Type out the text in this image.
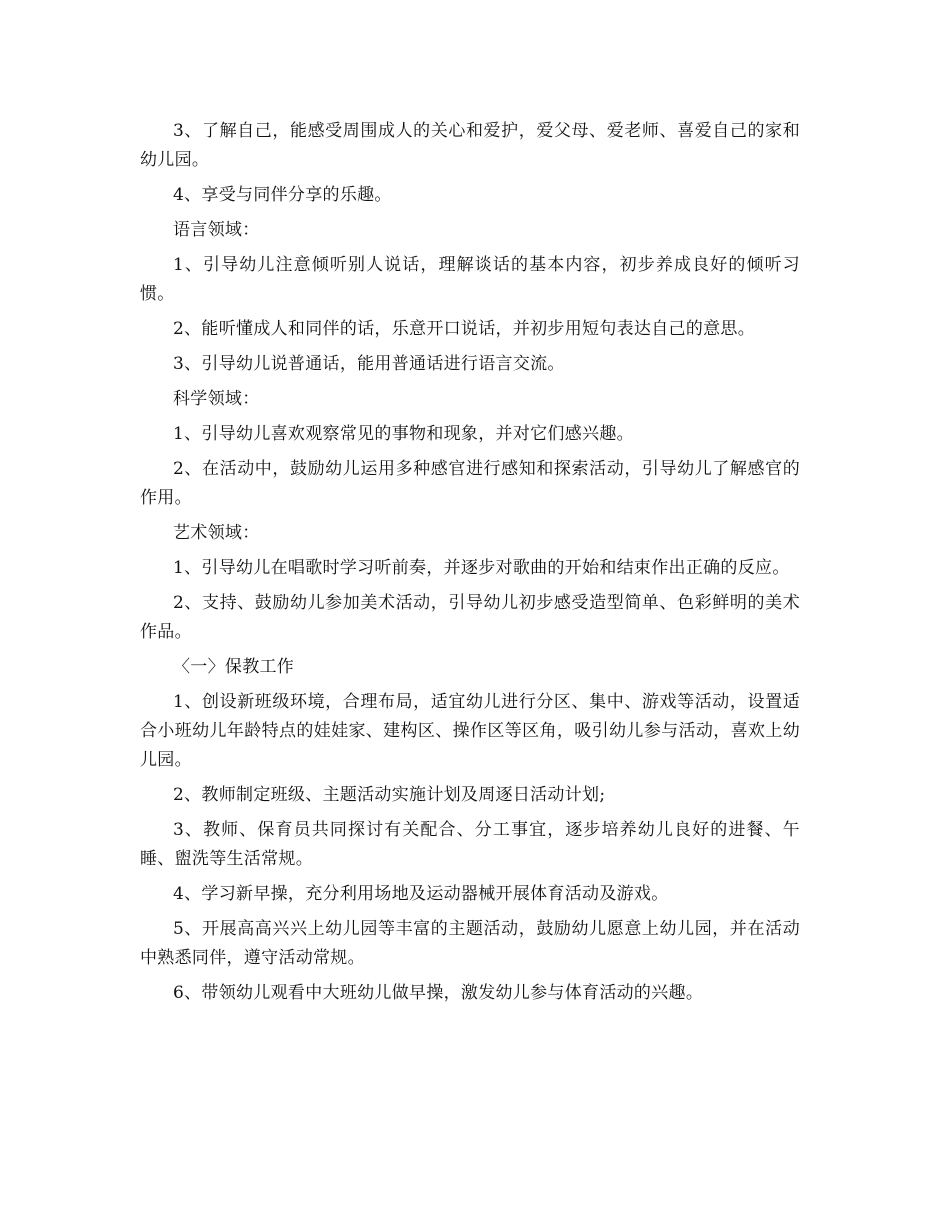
3、了解自己，能感受周围成人的关心和爱护，爱父母、爱老师、喜爱自己的家和幼儿园。

4、享受与同伴分享的乐趣。

语言领域：

1、引导幼儿注意倾听别人说话，理解谈话的基本内容，初步养成良好的倾听习惯。

2、能听懂成人和同伴的话，乐意开口说话，并初步用短句表达自己的意思。

3、引导幼儿说普通话，能用普通话进行语言交流。

科学领域：

1、引导幼儿喜欢观察常见的事物和现象，并对它们感兴趣。

2、在活动中，鼓励幼儿运用多种感官进行感知和探索活动，引导幼儿了解感官的作用。

艺术领域：

1、引导幼儿在唱歌时学习听前奏，并逐步对歌曲的开始和结束作出正确的反应。

2、支持、鼓励幼儿参加美术活动，引导幼儿初步感受造型简单、色彩鲜明的美术作品。

〈一〉保教工作

1、创设新班级环境，合理布局，适宜幼儿进行分区、集中、游戏等活动，设置适合小班幼儿年龄特点的娃娃家、建构区、操作区等区角，吸引幼儿参与活动，喜欢上幼儿园。

2、教师制定班级、主题活动实施计划及周逐日活动计划;

3、教师、保育员共同探讨有关配合、分工事宜，逐步培养幼儿良好的进餐、午睡、盥洗等生活常规。

4、学习新早操，充分利用场地及运动器械开展体育活动及游戏。

5、开展高高兴兴上幼儿园等丰富的主题活动，鼓励幼儿愿意上幼儿园，并在活动中熟悉同伴，遵守活动常规。

6、带领幼儿观看中大班幼儿做早操，激发幼儿参与体育活动的兴趣。
